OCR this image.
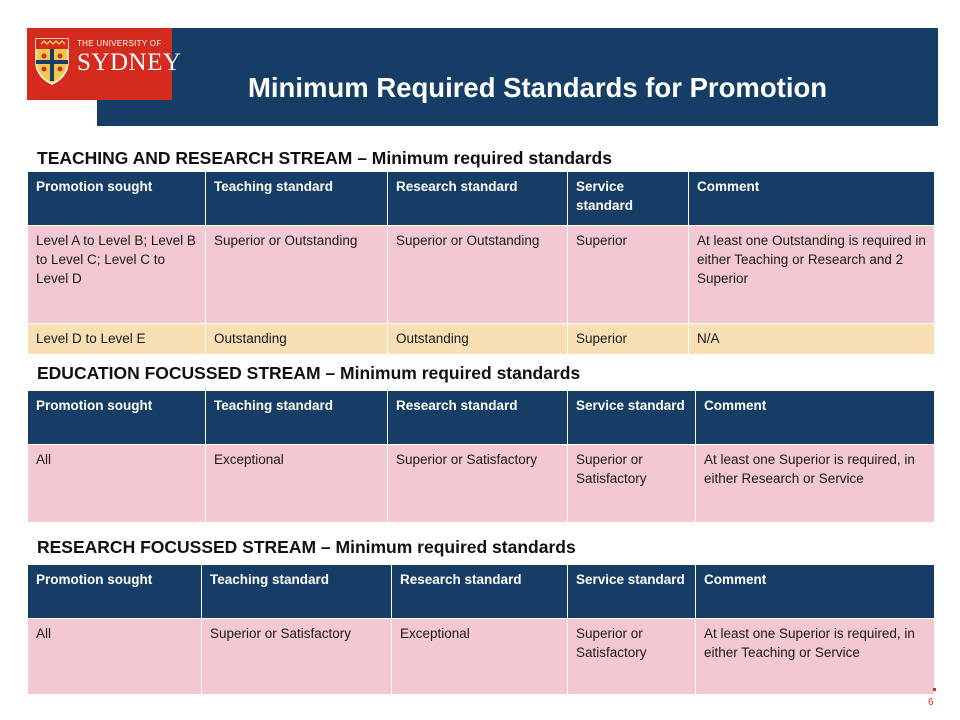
THE UNIVERSITY OF
SYDNEY
Minimum Required Standards for Promotion
TEACHING AND RESEARCH STREAM – Minimum required standards
Promotion sought	Teaching standard	Research standard	Service standard	Comment
Level A to Level B; Level B to Level C; Level C to Level D	Superior or Outstanding	Superior or Outstanding	Superior	At least one Outstanding is required in either Teaching or Research and 2 Superior
Level D to Level E	Outstanding	Outstanding	Superior	N/A
EDUCATION FOCUSSED STREAM – Minimum required standards
Promotion sought	Teaching standard	Research standard	Service standard	Comment
All	Exceptional	Superior or Satisfactory	Superior or Satisfactory	At least one Superior is required, in either Research or Service
RESEARCH FOCUSSED STREAM – Minimum required standards
Promotion sought	Teaching standard	Research standard	Service standard	Comment
All	Superior or Satisfactory	Exceptional	Superior or Satisfactory	At least one Superior is required, in either Teaching or Service
6
